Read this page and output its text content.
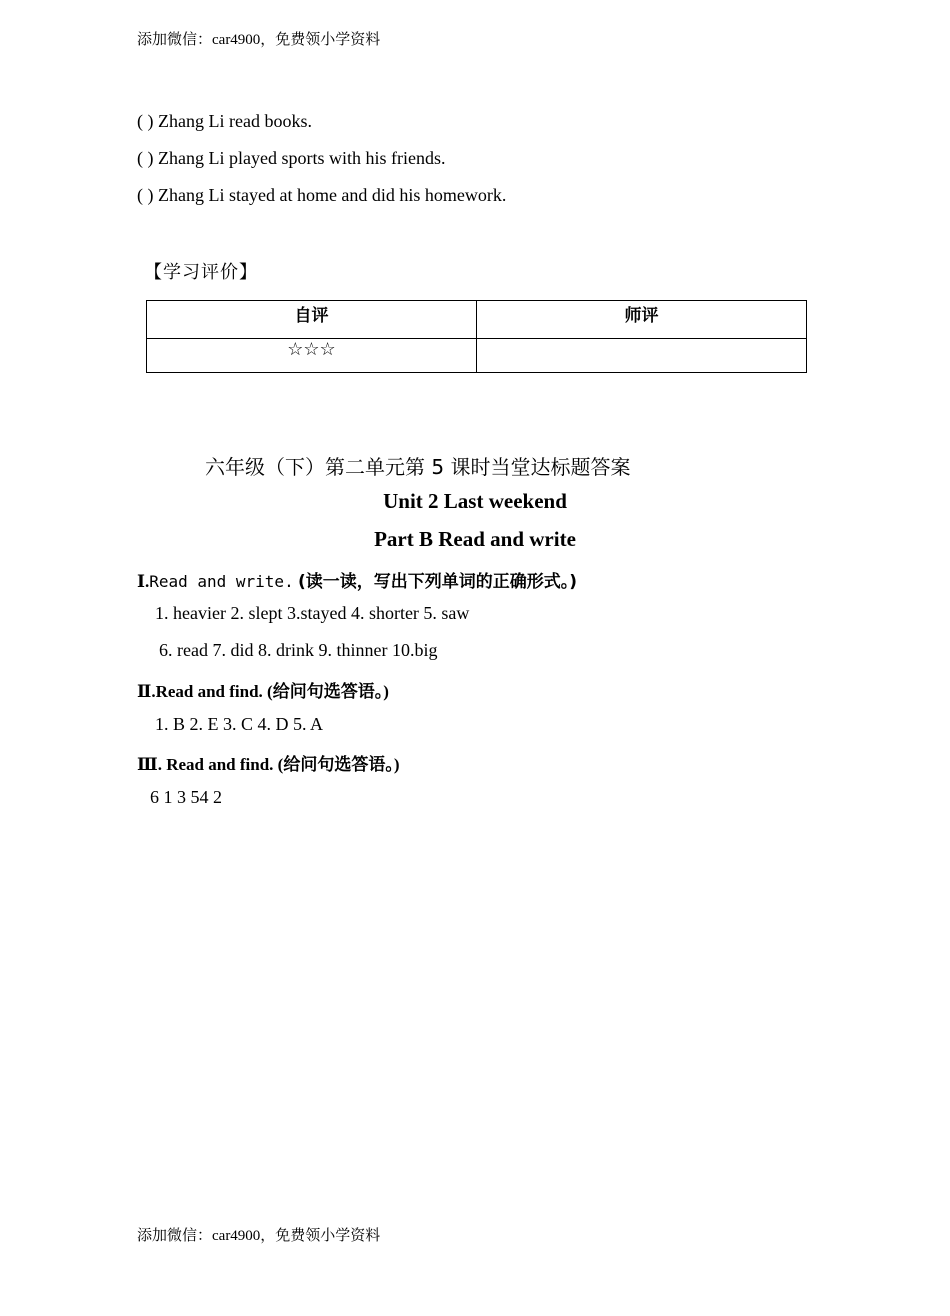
添加微信：car4900，免费领小学资料
( ) Zhang Li read books.
( ) Zhang Li played sports with his friends.
( ) Zhang Li stayed at home and did his homework.
【学习评价】
自评	师评
☆☆☆	
六年级（下）第二单元第 5 课时当堂达标题答案
Unit 2 Last weekend
Part B Read and write
Ⅰ.Read and write. (读一读，写出下列单词的正确形式。)
1. heavier 2. slept 3.stayed 4. shorter 5. saw
6. read 7. did 8. drink 9. thinner 10.big
Ⅱ.Read and find. (给问句选答语。)
1. B 2. E 3. C 4. D 5. A
Ⅲ. Read and find. (给问句选答语。)
6 1 3 54 2
添加微信：car4900，免费领小学资料
